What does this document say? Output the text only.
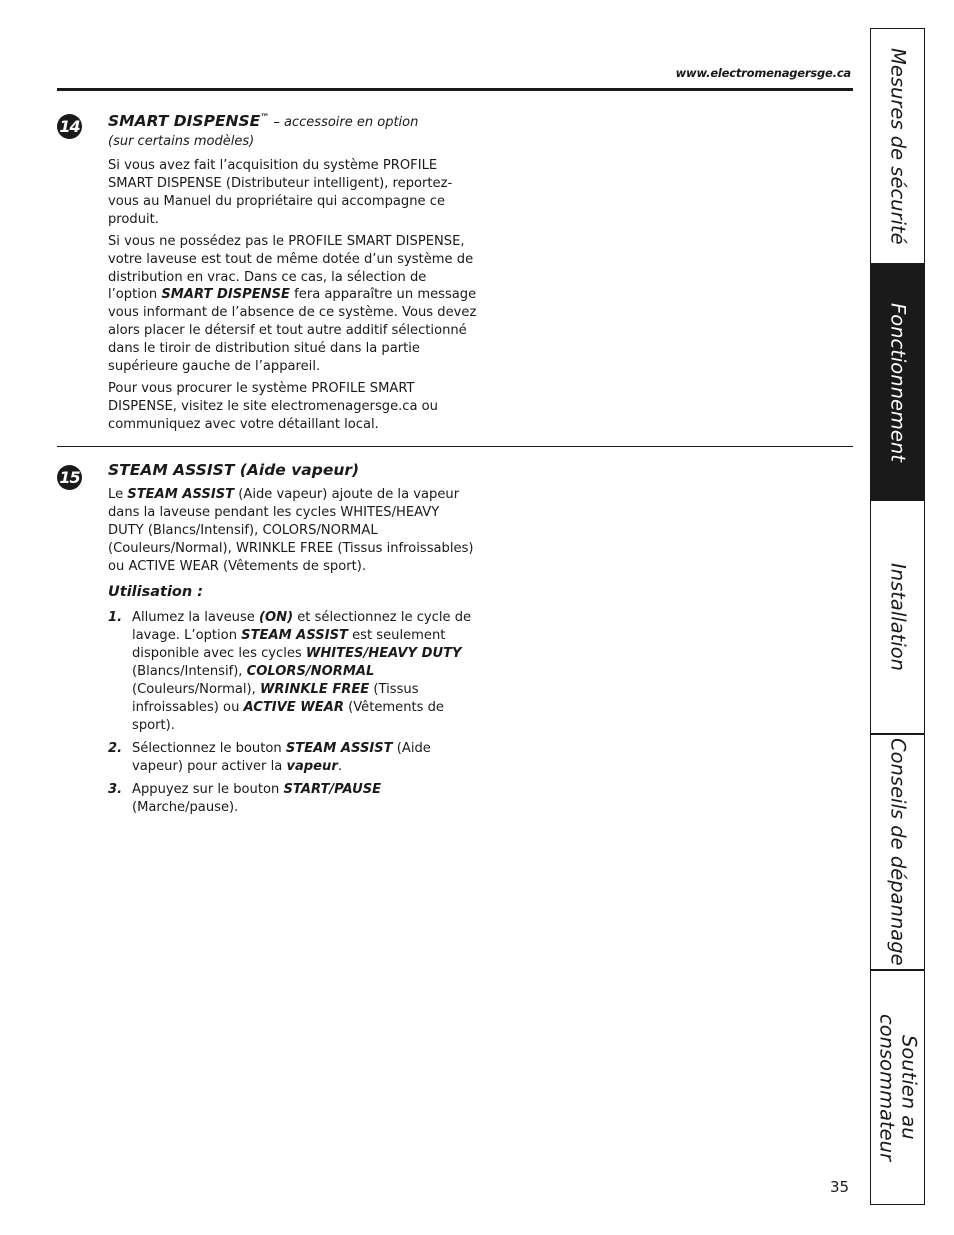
www.electromenagersge.ca
14 SMART DISPENSE™ – accessoire en option

(sur certains modèles)

Si vous avez fait l’acquisition du système PROFILE SMART DISPENSE (Distributeur intelligent), reportez-vous au Manuel du propriétaire qui accompagne ce produit.

Si vous ne possédez pas le PROFILE SMART DISPENSE, votre laveuse est tout de même dotée d’un système de distribution en vrac. Dans ce cas, la sélection de l’option SMART DISPENSE fera apparaître un message vous informant de l’absence de ce système. Vous devez alors placer le détersif et tout autre additif sélectionné dans le tiroir de distribution situé dans la partie supérieure gauche de l’appareil.

Pour vous procurer le système PROFILE SMART DISPENSE, visitez le site electromenagersge.ca ou communiquez avec votre détaillant local.

15 STEAM ASSIST (Aide vapeur)

Le STEAM ASSIST (Aide vapeur) ajoute de la vapeur dans la laveuse pendant les cycles WHITES/HEAVY DUTY (Blancs/Intensif), COLORS/NORMAL (Couleurs/Normal), WRINKLE FREE (Tissus infroissables) ou ACTIVE WEAR (Vêtements de sport).

Utilisation :

1. Allumez la laveuse (ON) et sélectionnez le cycle de lavage. L’option STEAM ASSIST est seulement disponible avec les cycles WHITES/HEAVY DUTY (Blancs/Intensif), COLORS/NORMAL (Couleurs/Normal), WRINKLE FREE (Tissus infroissables) ou ACTIVE WEAR (Vêtements de sport).
2. Sélectionnez le bouton STEAM ASSIST (Aide vapeur) pour activer la vapeur.
3. Appuyez sur le bouton START/PAUSE (Marche/pause).
35
Mesures de sécurité
Fonctionnement
Installation
Conseils de dépannage
Soutien au consommateur
